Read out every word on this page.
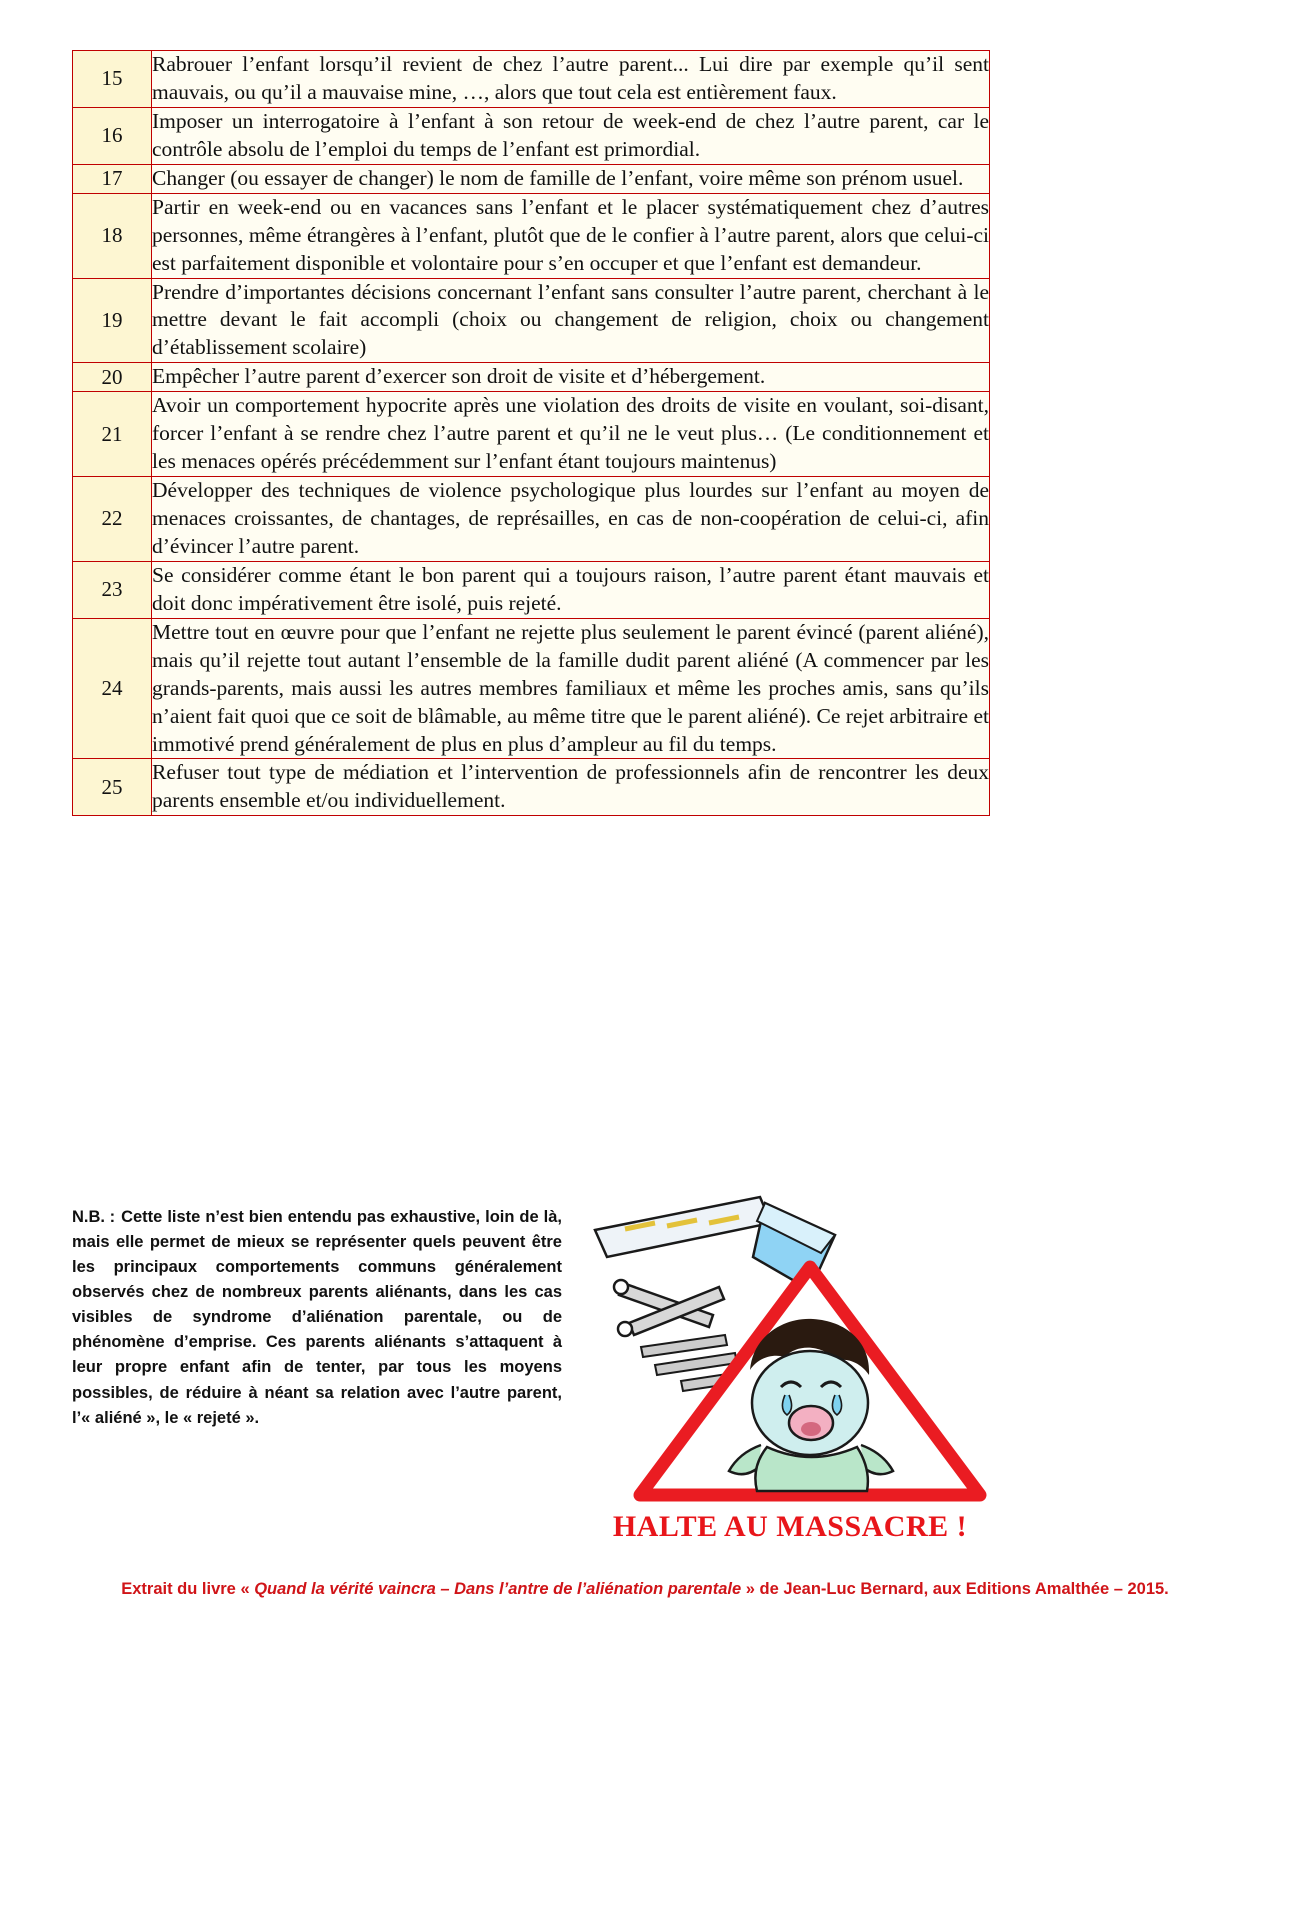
15	Rabrouer l’enfant lorsqu’il revient de chez l’autre parent... Lui dire par exemple qu’il sent mauvais, ou qu’il a mauvaise mine, …, alors que tout cela est entièrement faux.
16	Imposer un interrogatoire à l’enfant à son retour de week-end de chez l’autre parent, car le contrôle absolu de l’emploi du temps de l’enfant est primordial.
17	Changer (ou essayer de changer) le nom de famille de l’enfant, voire même son prénom usuel.
18	Partir en week-end ou en vacances sans l’enfant et le placer systématiquement chez d’autres personnes, même étrangères à l’enfant, plutôt que de le confier à l’autre parent, alors que celui-ci est parfaitement disponible et volontaire pour s’en occuper et que l’enfant est demandeur.
19	Prendre d’importantes décisions concernant l’enfant sans consulter l’autre parent, cherchant à le mettre devant le fait accompli (choix ou changement de religion, choix ou changement d’établissement scolaire)
20	Empêcher l’autre parent d’exercer son droit de visite et d’hébergement.
21	Avoir un comportement hypocrite après une violation des droits de visite en voulant, soi-disant, forcer l’enfant à se rendre chez l’autre parent et qu’il ne le veut plus… (Le conditionnement et les menaces opérés précédemment sur l’enfant étant toujours maintenus)
22	Développer des techniques de violence psychologique plus lourdes sur l’enfant au moyen de menaces croissantes, de chantages, de représailles, en cas de non-coopération de celui-ci, afin d’évincer l’autre parent.
23	Se considérer comme étant le bon parent qui a toujours raison, l’autre parent étant mauvais et doit donc impérativement être isolé, puis rejeté.
24	Mettre tout en œuvre pour que l’enfant ne rejette plus seulement le parent évincé (parent aliéné), mais qu’il rejette tout autant l’ensemble de la famille dudit parent aliéné (A commencer par les grands-parents, mais aussi les autres membres familiaux et même les proches amis, sans qu’ils n’aient fait quoi que ce soit de blâmable, au même titre que le parent aliéné). Ce rejet arbitraire et immotivé prend généralement de plus en plus d’ampleur au fil du temps.
25	Refuser tout type de médiation et l’intervention de professionnels afin de rencontrer les deux parents ensemble et/ou individuellement.
N.B. : Cette liste n’est bien entendu pas exhaustive, loin de là, mais elle permet de mieux se représenter quels peuvent être les principaux comportements communs généralement observés chez de nombreux parents aliénants, dans les cas visibles de syndrome d’aliénation parentale, ou de phénomène d’emprise. Ces parents aliénants s’attaquent à leur propre enfant afin de tenter, par tous les moyens possibles, de réduire à néant sa relation avec l’autre parent, l’« aliéné », le « rejeté ».
HALTE AU MASSACRE !
Extrait du livre « Quand la vérité vaincra – Dans l’antre de l’aliénation parentale » de Jean-Luc Bernard, aux Editions Amalthée – 2015.
